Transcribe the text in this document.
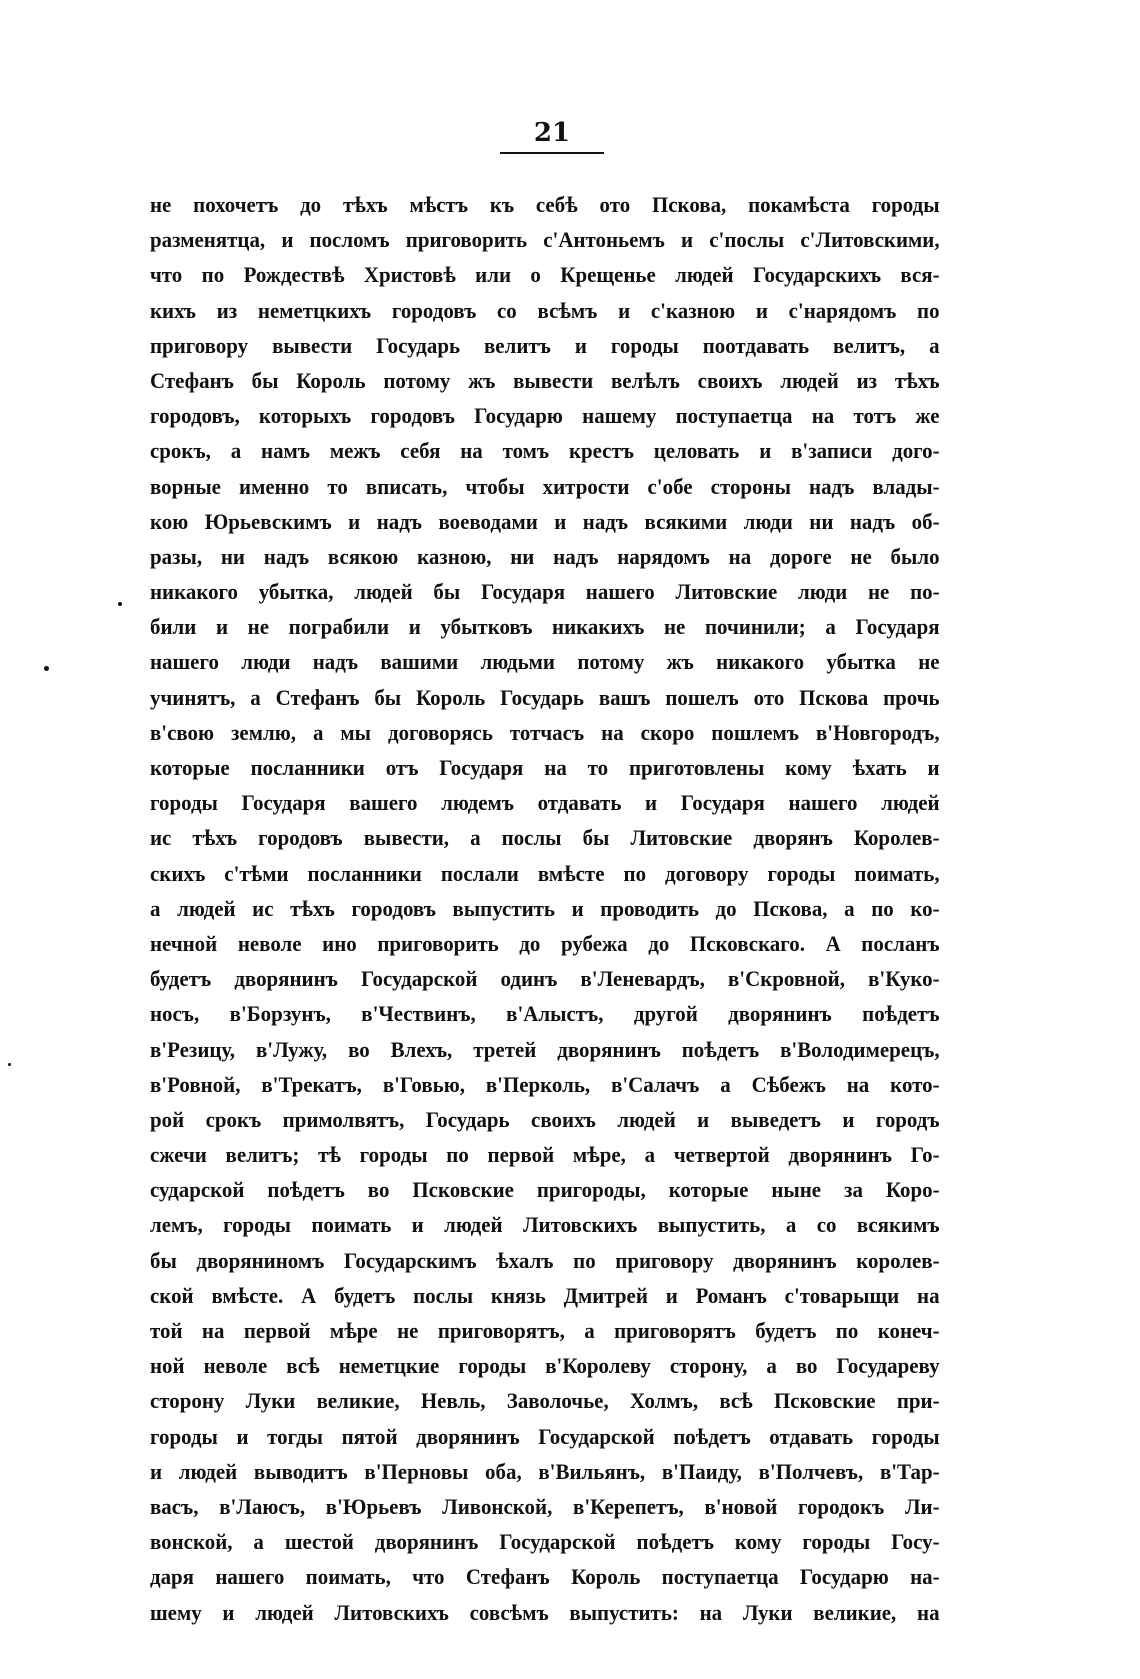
21
не похочетъ до тѣхъ мѣстъ къ себѣ ото Пскова, покамѣста городы
разменятца, и посломъ приговорить с'Антоньемъ и с'послы с'Литовскими,
что по Рождествѣ Христовѣ или о Крещенье людей Государскихъ вся-
кихъ из неметцкихъ городовъ со всѣмъ и с'казною и с'нарядомъ по
приговору вывести Государь велитъ и городы поотдавать велитъ, а
Стефанъ бы Король потому жъ вывести велѣлъ своихъ людей из тѣхъ
городовъ, которыхъ городовъ Государю нашему поступаетца на тотъ же
срокъ, а намъ межъ себя на томъ крестъ целовать и в'записи дого-
ворные именно то вписать, чтобы хитрости с'обе стороны надъ влады-
кою Юрьевскимъ и надъ воеводами и надъ всякими люди ни надъ об-
разы, ни надъ всякою казною, ни надъ нарядомъ на дороге не было
никакого убытка, людей бы Государя нашего Литовские люди не по-
били и не пограбили и убытковъ никакихъ не починили; а Государя
нашего люди надъ вашими людьми потому жъ никакого убытка не
учинятъ, а Стефанъ бы Король Государь вашъ пошелъ ото Пскова прочь
в'свою землю, а мы договорясь тотчасъ на скоро пошлемъ в'Новгородъ,
которые посланники отъ Государя на то приготовлены кому ѣхать и
городы Государя вашего людемъ отдавать и Государя нашего людей
ис тѣхъ городовъ вывести, а послы бы Литовские дворянъ Королев-
скихъ с'тѣми посланники послали вмѣсте по договору городы поимать,
а людей ис тѣхъ городовъ выпустить и проводить до Пскова, а по ко-
нечной неволе ино приговорить до рубежа до Псковскаго. А посланъ
будетъ дворянинъ Государской одинъ в'Леневардъ, в'Скровной, в'Куко-
носъ, в'Борзунъ, в'Чествинъ, в'Алыстъ, другой дворянинъ поѣдетъ
в'Резицу, в'Лужу, во Влехъ, третей дворянинъ поѣдетъ в'Володимерецъ,
в'Ровной, в'Трекатъ, в'Говью, в'Перколь, в'Салачъ а Сѣбежъ на кото-
рой срокъ примолвятъ, Государь своихъ людей и выведетъ и городъ
сжечи велитъ; тѣ городы по первой мѣре, а четвертой дворянинъ Го-
сударской поѣдетъ во Псковские пригороды, которые ныне за Коро-
лемъ, городы поимать и людей Литовскихъ выпустить, а со всякимъ
бы дворяниномъ Государскимъ ѣхалъ по приговору дворянинъ королев-
ской вмѣсте. А будетъ послы князь Дмитрей и Романъ с'товарыщи на
той на первой мѣре не приговорятъ, а приговорятъ будетъ по конеч-
ной неволе всѣ неметцкие городы в'Королеву сторону, а во Государеву
сторону Луки великие, Невль, Заволочье, Холмъ, всѣ Псковские при-
городы и тогды пятой дворянинъ Государской поѣдетъ отдавать городы
и людей выводитъ в'Перновы оба, в'Вильянъ, в'Паиду, в'Полчевъ, в'Тар-
васъ, в'Лаюсъ, в'Юрьевъ Ливонской, в'Керепетъ, в'новой городокъ Ли-
вонской, а шестой дворянинъ Государской поѣдетъ кому городы Госу-
даря нашего поимать, что Стефанъ Король поступаетца Государю на-
шему и людей Литовскихъ совсѣмъ выпустить: на Луки великие, на
